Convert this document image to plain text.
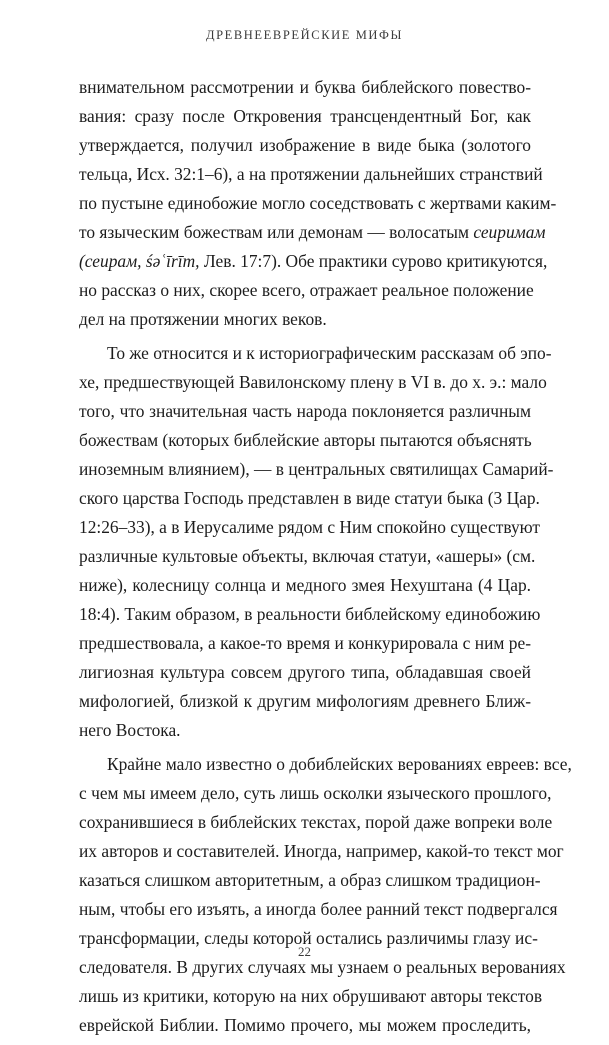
ДРЕВНЕЕВРЕЙСКИЕ МИФЫ
внимательном рассмотрении и буква библейского повество-
вания: сразу после Откровения трансцендентный Бог, как
утверждается, получил изображение в виде быка (золотого
тельца, Исх. 32:1–6), а на протяжении дальнейших странствий
по пустыне единобожие могло соседствовать с жертвами каким-
то языческим божествам или демонам — волосатым сеиримам
(сеирам, śəʿīrīm, Лев. 17:7). Обе практики сурово критикуются,
но рассказ о них, скорее всего, отражает реальное положение
дел на протяжении многих веков.
То же относится и к историографическим рассказам об эпо-
хе, предшествующей Вавилонскому плену в VI в. до х. э.: мало
того, что значительная часть народа поклоняется различным
божествам (которых библейские авторы пытаются объяснять
иноземным влиянием), — в центральных святилищах Самарий-
ского царства Господь представлен в виде статуи быка (3 Цар.
12:26–33), а в Иерусалиме рядом с Ним спокойно существуют
различные культовые объекты, включая статуи, «ашеры» (см.
ниже), колесницу солнца и медного змея Нехуштана (4 Цар.
18:4). Таким образом, в реальности библейскому единобожию
предшествовала, а какое-то время и конкурировала с ним ре-
лигиозная культура совсем другого типа, обладавшая своей
мифологией, близкой к другим мифологиям древнего Ближ-
него Востока.
Крайне мало известно о добиблейских верованиях евреев: все,
с чем мы имеем дело, суть лишь осколки языческого прошлого,
сохранившиеся в библейских текстах, порой даже вопреки воле
их авторов и составителей. Иногда, например, какой-то текст мог
казаться слишком авторитетным, а образ слишком традицион-
ным, чтобы его изъять, а иногда более ранний текст подвергался
трансформации, следы которой остались различимы глазу ис-
следователя. В других случаях мы узнаем о реальных верованиях
лишь из критики, которую на них обрушивают авторы текстов
еврейской Библии. Помимо прочего, мы можем проследить,
22
